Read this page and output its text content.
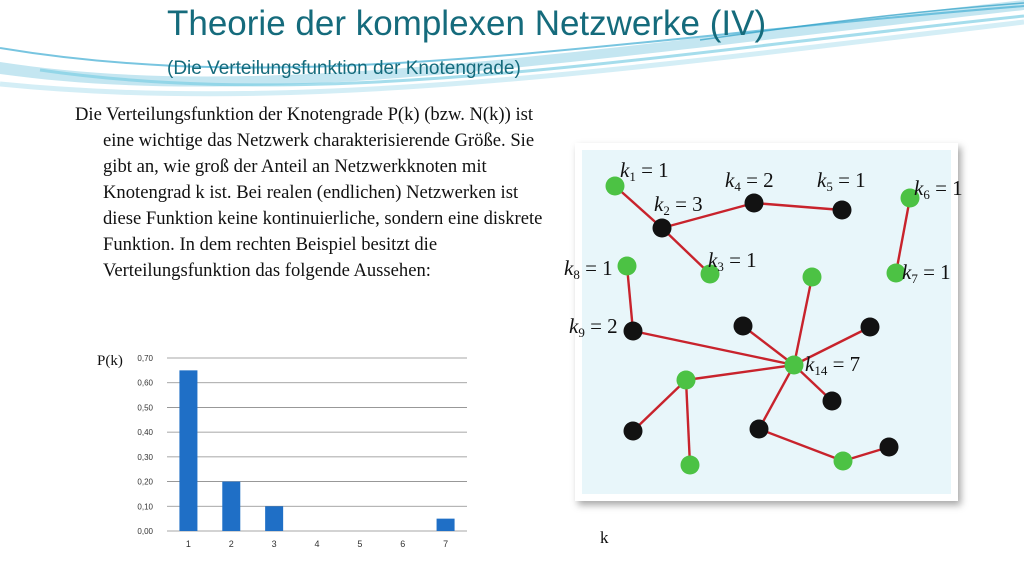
Theorie der komplexen Netzwerke (IV)
(Die Verteilungsfunktion der Knotengrade)

Die Verteilungsfunktion der Knotengrade P(k) (bzw. N(k)) ist eine wichtige das Netzwerk charakterisierende Größe. Sie gibt an, wie groß der Anteil an Netzwerkknoten mit Knotengrad k ist. Bei realen (endlichen) Netzwerken ist diese Funktion keine kontinuierliche, sondern eine diskrete Funktion. In dem rechten Beispiel besitzt die Verteilungsfunktion das folgende Aussehen:

0,00
0,10
0,20
0,30
0,40
0,50
0,60
0,70
P(k)
1	2	3	4	5	6	7
$k_1 = 1$
$k_2 = 3$
$k_4 = 2$ $k_5 = 1$ $k_6 = 1$
$k_3 = 1$
$k_8 = 1$	$k_7 = 1$
$k_9 = 2$
$k_{14} = 7$
k
